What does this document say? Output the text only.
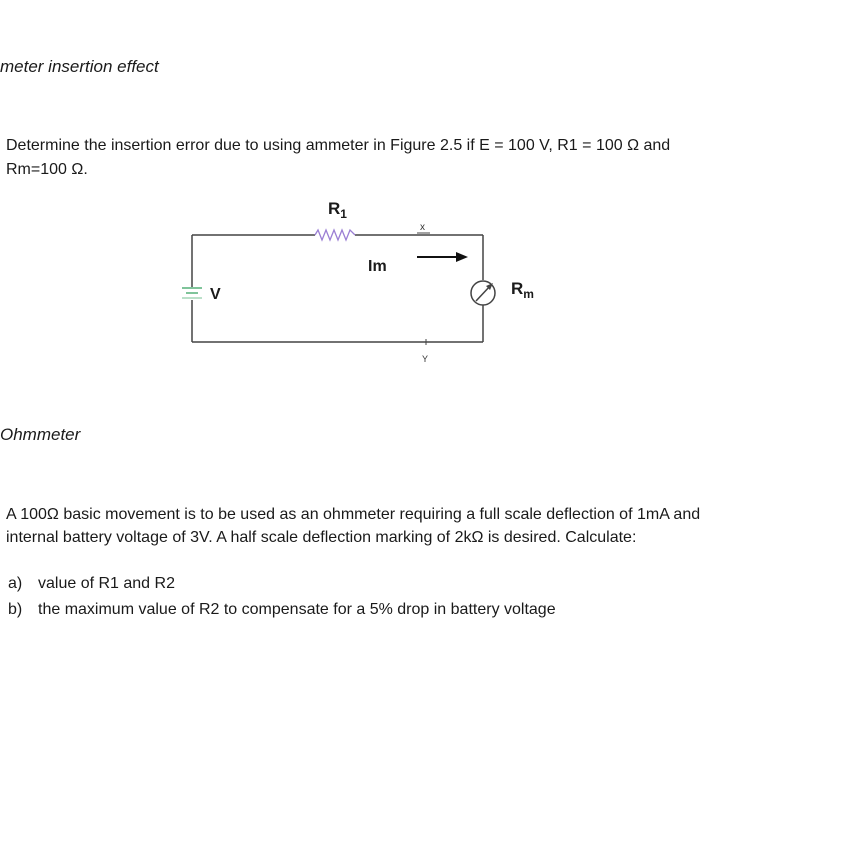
meter insertion effect
Determine the insertion error due to using ammeter in Figure 2.5 if E = 100 V, R1 = 100 Ω and
Rm=100 Ω.
$R_1$
V
x
Im
$R_m$
Y
Ohmmeter
A 100Ω basic movement is to be used as an ohmmeter requiring a full scale deflection of 1mA and
internal battery voltage of 3V. A half scale deflection marking of 2kΩ is desired. Calculate:
a) value of R1 and R2
b) the maximum value of R2 to compensate for a 5% drop in battery voltage
